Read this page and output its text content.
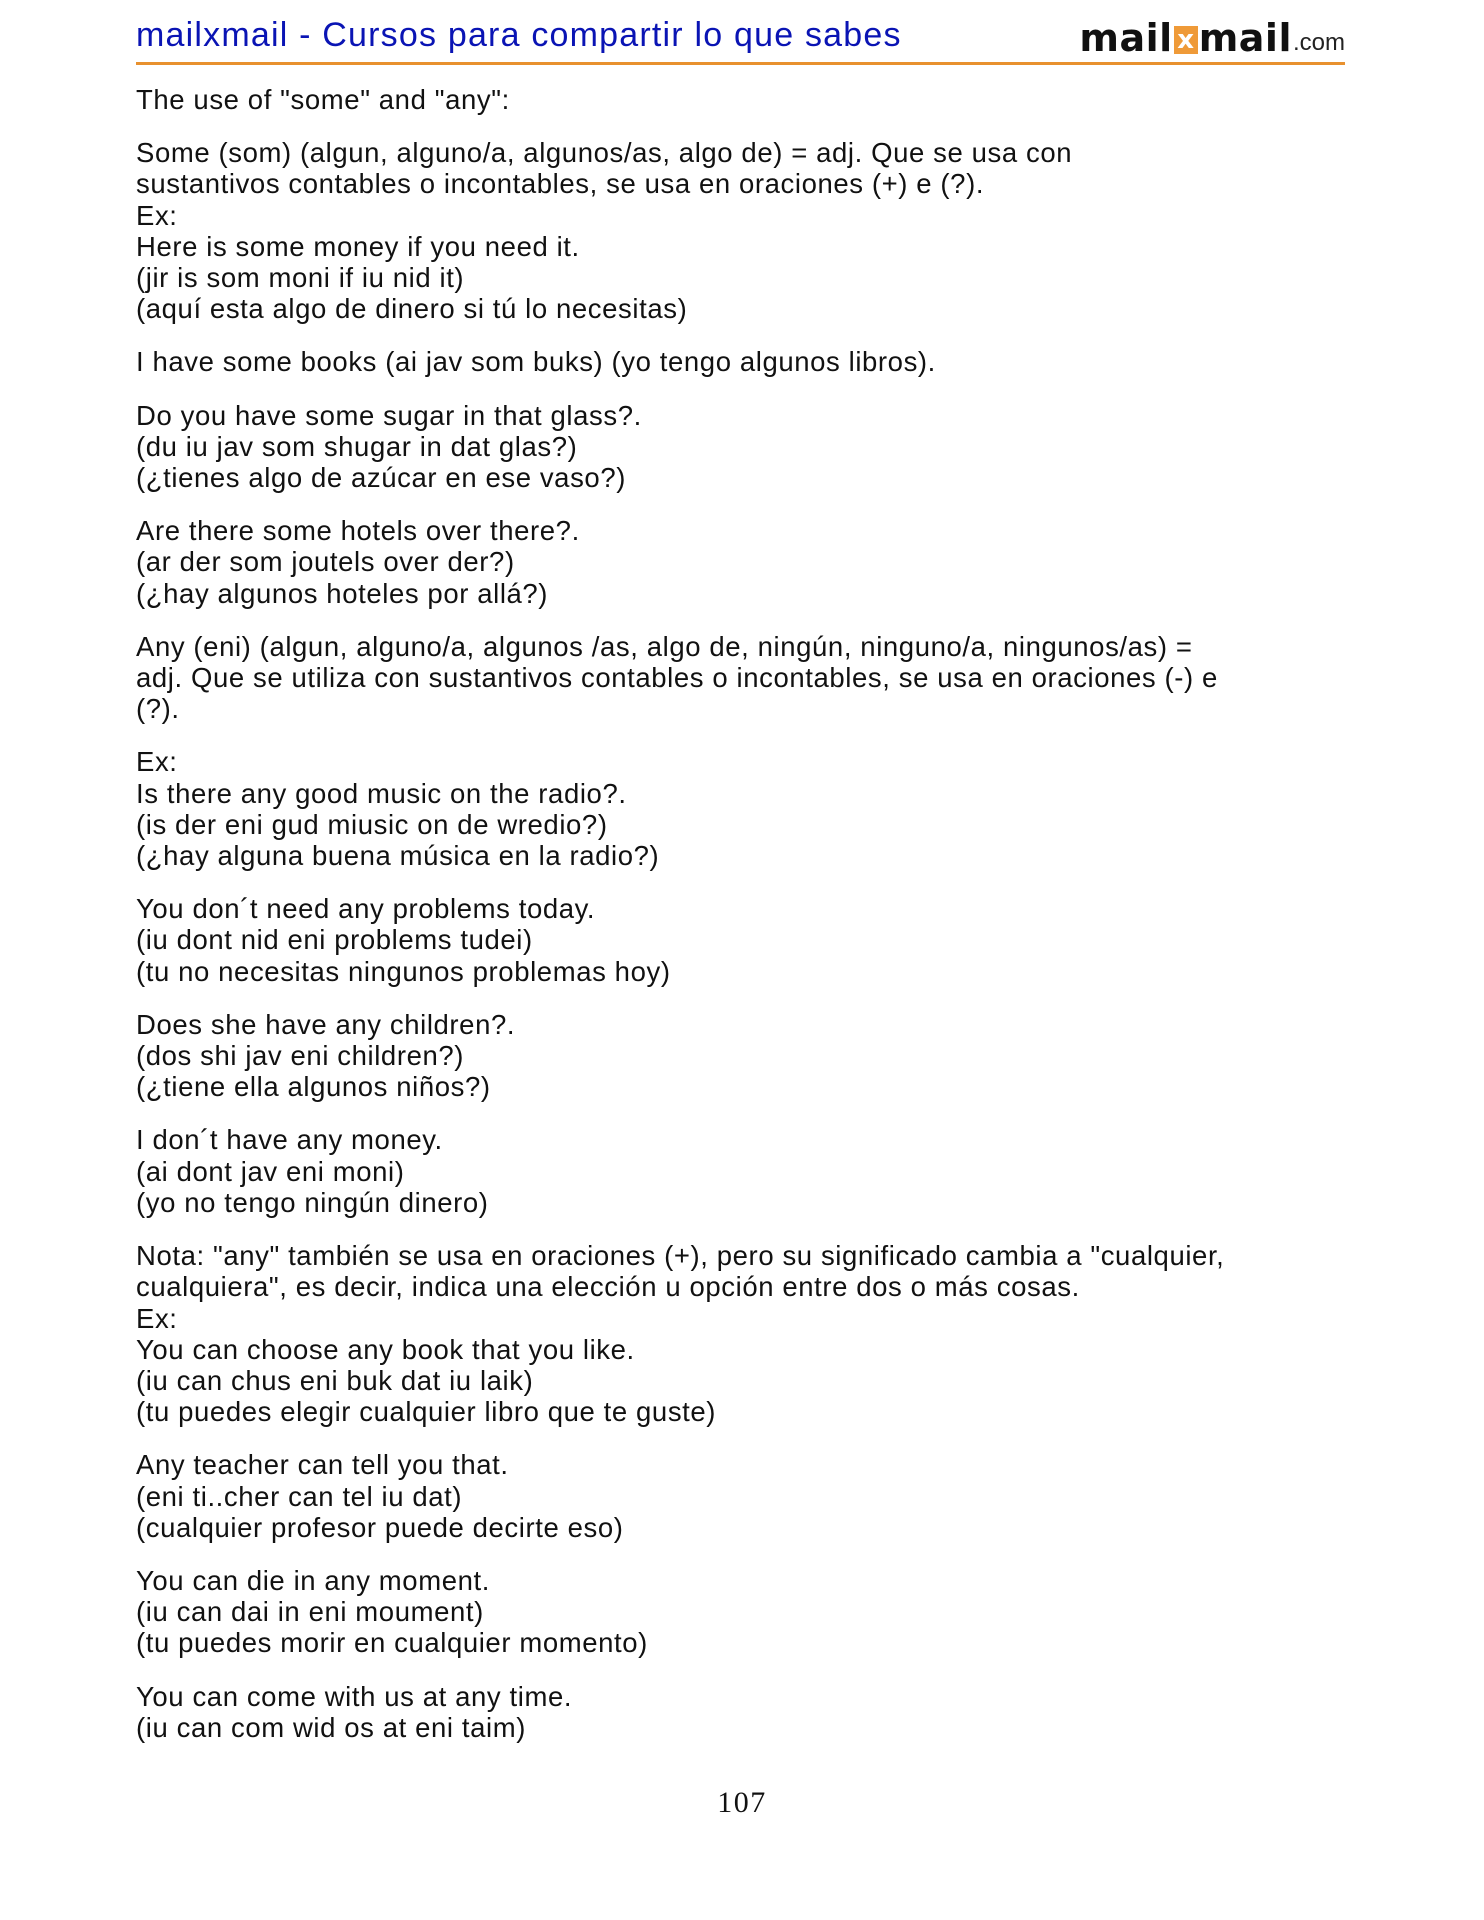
mailxmail - Cursos para compartir lo que sabes	mail x mail .com
The use of "some" and "any":
Some (som) (algun, alguno/a, algunos/as, algo de) = adj. Que se usa con
sustantivos contables o incontables, se usa en oraciones (+) e (?).
Ex:
Here is some money if you need it.
(jir is som moni if iu nid it)
(aquí esta algo de dinero si tú lo necesitas)
I have some books (ai jav som buks) (yo tengo algunos libros).
Do you have some sugar in that glass?.
(du iu jav som shugar in dat glas?)
(¿tienes algo de azúcar en ese vaso?)
Are there some hotels over there?.
(ar der som joutels over der?)
(¿hay algunos hoteles por allá?)
Any (eni) (algun, alguno/a, algunos /as, algo de, ningún, ninguno/a, ningunos/as) =
adj. Que se utiliza con sustantivos contables o incontables, se usa en oraciones (-) e
(?).
Ex:
Is there any good music on the radio?.
(is der eni gud miusic on de wredio?)
(¿hay alguna buena música en la radio?)
You don´t need any problems today.
(iu dont nid eni problems tudei)
(tu no necesitas ningunos problemas hoy)
Does she have any children?.
(dos shi jav eni children?)
(¿tiene ella algunos niños?)
I don´t have any money.
(ai dont jav eni moni)
(yo no tengo ningún dinero)
Nota: "any" también se usa en oraciones (+), pero su significado cambia a "cualquier,
cualquiera", es decir, indica una elección u opción entre dos o más cosas.
Ex:
You can choose any book that you like.
(iu can chus eni buk dat iu laik)
(tu puedes elegir cualquier libro que te guste)
Any teacher can tell you that.
(eni ti..cher can tel iu dat)
(cualquier profesor puede decirte eso)
You can die in any moment.
(iu can dai in eni moument)
(tu puedes morir en cualquier momento)
You can come with us at any time.
(iu can com wid os at eni taim)
107
